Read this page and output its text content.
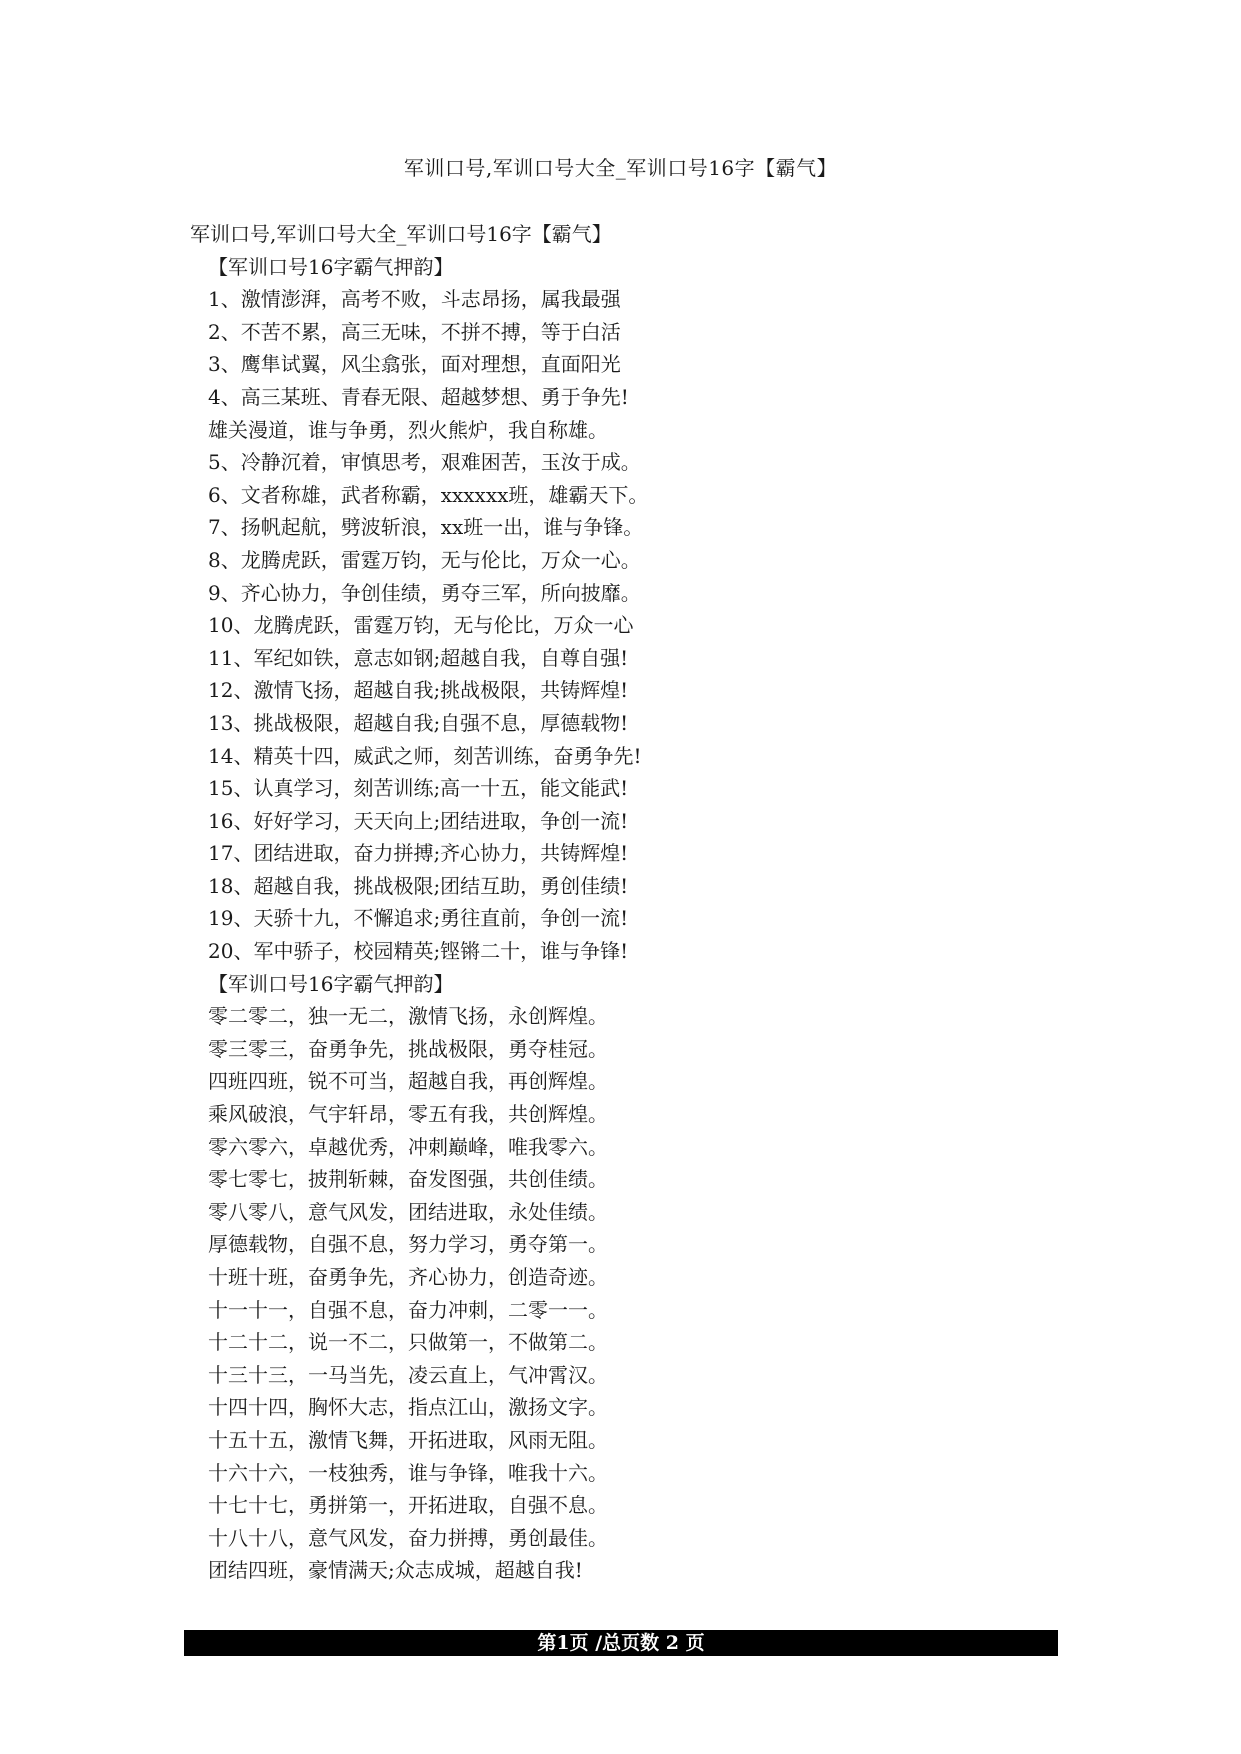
军训口号,军训口号大全_军训口号16字【霸气】
军训口号,军训口号大全_军训口号16字【霸气】
【军训口号16字霸气押韵】
1、激情澎湃，高考不败，斗志昂扬，属我最强
2、不苦不累，高三无味，不拼不搏，等于白活
3、鹰隼试翼，风尘翕张，面对理想，直面阳光
4、高三某班、青春无限、超越梦想、勇于争先!
雄关漫道，谁与争勇，烈火熊炉，我自称雄。
5、冷静沉着，审慎思考，艰难困苦，玉汝于成。
6、文者称雄，武者称霸，xxxxxx班，雄霸天下。
7、扬帆起航，劈波斩浪，xx班一出，谁与争锋。
8、龙腾虎跃，雷霆万钧，无与伦比，万众一心。
9、齐心协力，争创佳绩，勇夺三军，所向披靡。
10、龙腾虎跃，雷霆万钧，无与伦比，万众一心
11、军纪如铁，意志如钢;超越自我，自尊自强!
12、激情飞扬，超越自我;挑战极限，共铸辉煌!
13、挑战极限，超越自我;自强不息，厚德载物!
14、精英十四，威武之师，刻苦训练，奋勇争先!
15、认真学习，刻苦训练;高一十五，能文能武!
16、好好学习，天天向上;团结进取，争创一流!
17、团结进取，奋力拼搏;齐心协力，共铸辉煌!
18、超越自我，挑战极限;团结互助，勇创佳绩!
19、天骄十九，不懈追求;勇往直前，争创一流!
20、军中骄子，校园精英;铿锵二十，谁与争锋!
【军训口号16字霸气押韵】
零二零二，独一无二，激情飞扬，永创辉煌。
零三零三，奋勇争先，挑战极限，勇夺桂冠。
四班四班，锐不可当，超越自我，再创辉煌。
乘风破浪，气宇轩昂，零五有我，共创辉煌。
零六零六，卓越优秀，冲刺巅峰，唯我零六。
零七零七，披荆斩棘，奋发图强，共创佳绩。
零八零八，意气风发，团结进取，永处佳绩。
厚德载物，自强不息，努力学习，勇夺第一。
十班十班，奋勇争先，齐心协力，创造奇迹。
十一十一，自强不息，奋力冲刺，二零一一。
十二十二，说一不二，只做第一，不做第二。
十三十三，一马当先，凌云直上，气冲霄汉。
十四十四，胸怀大志，指点江山，激扬文字。
十五十五，激情飞舞，开拓进取，风雨无阻。
十六十六，一枝独秀，谁与争锋，唯我十六。
十七十七，勇拼第一，开拓进取，自强不息。
十八十八，意气风发，奋力拼搏，勇创最佳。
团结四班，豪情满天;众志成城，超越自我!
第1页 /总页数 2 页
